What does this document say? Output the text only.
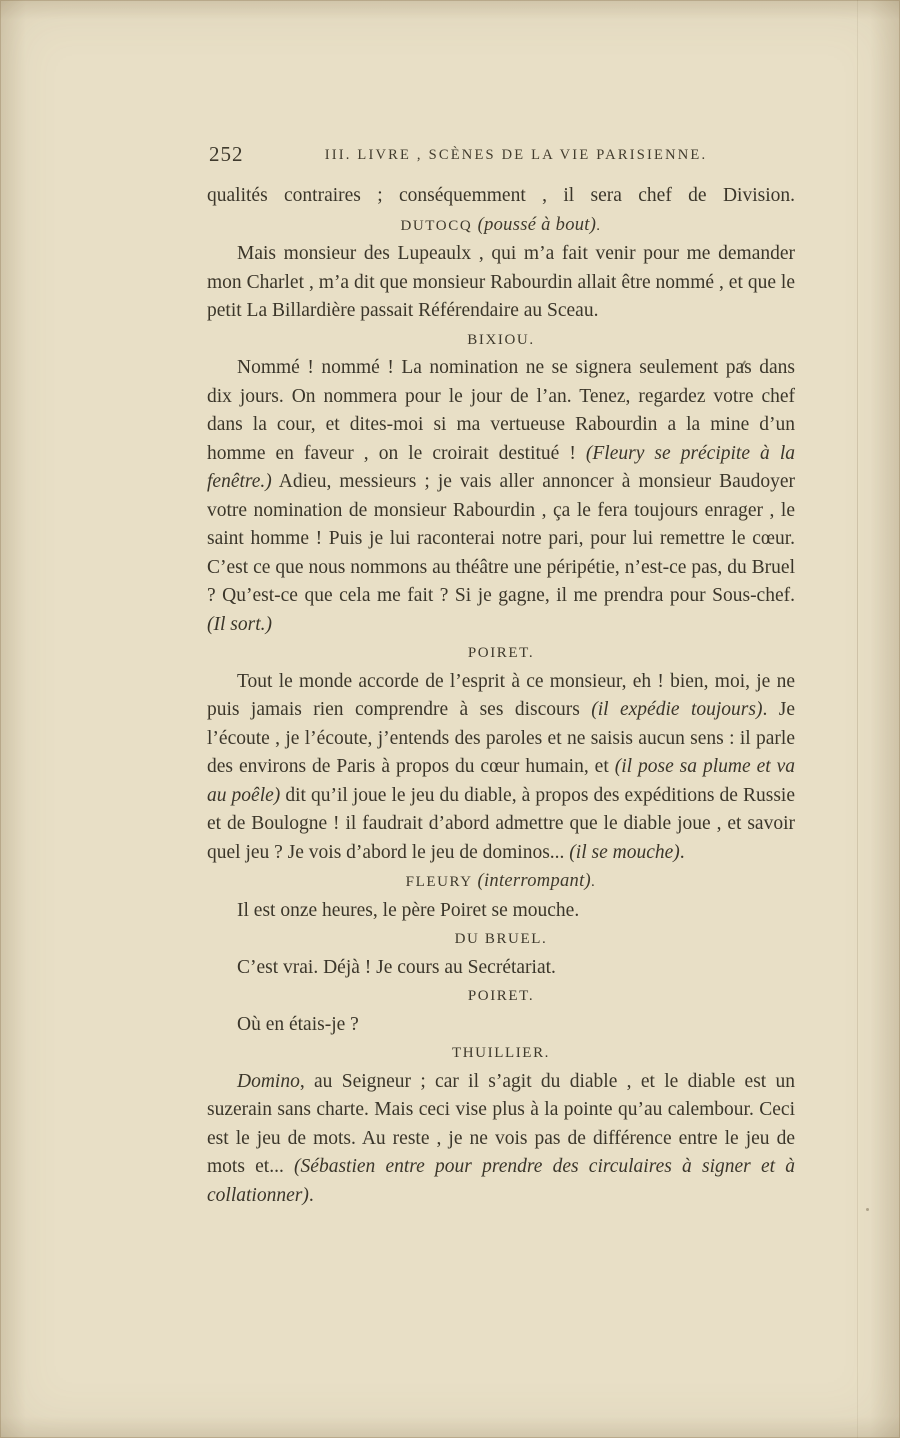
252	III. LIVRE , SCÈNES DE LA VIE PARISIENNE.

qualités contraires ; conséquemment , il sera chef de Division.

DUTOCQ (poussé à bout).

Mais monsieur des Lupeaulx , qui m’a fait venir pour me demander mon Charlet , m’a dit que monsieur Rabourdin allait être nommé , et que le petit La Billardière passait Référendaire au Sceau.

BIXIOU.

Nommé ! nommé ! La nomination ne se signera seulement pas dans dix jours. On nommera pour le jour de l’an. Tenez, regardez votre chef dans la cour, et dites-moi si ma vertueuse Rabourdin a la mine d’un homme en faveur , on le croirait destitué ! (Fleury se précipite à la fenêtre.) Adieu, messieurs ; je vais aller annoncer à monsieur Baudoyer votre nomination de monsieur Rabourdin , ça le fera toujours enrager , le saint homme ! Puis je lui raconterai notre pari, pour lui remettre le cœur. C’est ce que nous nommons au théâtre une péripétie, n’est-ce pas, du Bruel ? Qu’est-ce que cela me fait ? Si je gagne, il me prendra pour Sous-chef. (Il sort.)

POIRET.

Tout le monde accorde de l’esprit à ce monsieur, eh ! bien, moi, je ne puis jamais rien comprendre à ses discours (il expédie toujours). Je l’écoute , je l’écoute, j’entends des paroles et ne saisis aucun sens : il parle des environs de Paris à propos du cœur humain, et (il pose sa plume et va au poêle) dit qu’il joue le jeu du diable, à propos des expéditions de Russie et de Boulogne ! il faudrait d’abord admettre que le diable joue , et savoir quel jeu ? Je vois d’abord le jeu de dominos... (il se mouche).

FLEURY (interrompant).

Il est onze heures, le père Poiret se mouche.

DU BRUEL.

C’est vrai. Déjà ! Je cours au Secrétariat.

POIRET.

Où en étais-je ?

THUILLIER.

Domino, au Seigneur ; car il s’agit du diable , et le diable est un suzerain sans charte. Mais ceci vise plus à la pointe qu’au calembour. Ceci est le jeu de mots. Au reste , je ne vois pas de différence entre le jeu de mots et... (Sébastien entre pour prendre des circulaires à signer et à collationner).
